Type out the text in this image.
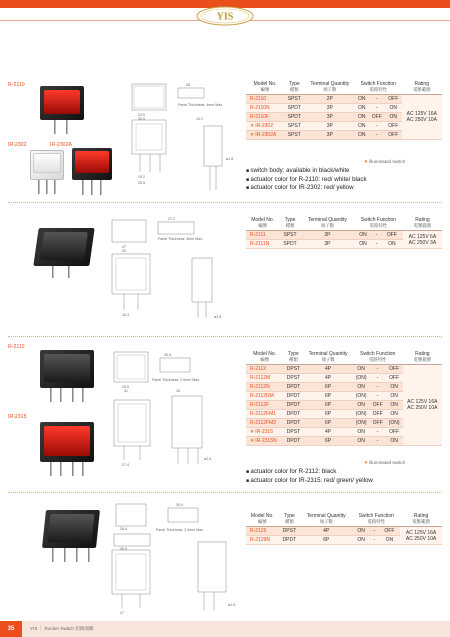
YIS
R-2110
IR-2302	IR-2302A
22.5
30.5
10.2
25.5
28
10.2
ø1.8
Panel Thickness: 4mm Max.
Model No.
編號	Type
種類	Terminal Quantity
端子數	Switch Function
電路特性			Rating
電壓範圍

R-2110	SPST	2P	ON	-	OFF	AC 125V 16A
AC 250V 10A
R-2110N	SPDT	3P	ON	-	ON	
R-2110F	SPDT	3P	ON	OFF	ON	
✹IR-2302	SPST	3P	ON	-	OFF	
✹IR-2302A	SPST	3P	ON	-	OFF	
✹ illuminated switch
■ switch body: available in black/white
■ actuator color for R-2110: red/ white/ black
■ actuator color for IR-2302: red/ yellow
27
30
27.2
16.3	ø2.5
Panel Thickness: 3mm Max.
Model No.
編號	Type
種類	Terminal Quantity
端子數	Switch Function
電路特性			Rating
電壓範圍

R-2111	SPST	2P	ON	-	OFF	AC 125V 6A
AC 250V 3A
R-2111N	SPDT	3P	ON	-	ON	
R-2112
IR-2315
26.5
31
30.5
15
27.4
ø2.5
Panel Thickness: 2.5mm Max.
Model No.
編號	Type
種類	Terminal Quantity
端子數	Switch Function
電路特性			Rating
電壓範圍

R-2112	DPST	4P	ON	-	OFF	AC 125V 16A
AC 250V 10A
R-2112M	DPST	4P	(ON)	-	OFF	
R-2112N	DPDT	6P	ON	-	ON	
R-2112NM	DPDT	6P	(ON)	-	ON	
R-2112F	DPDT	6P	ON	OFF	ON	
R-2112FM1	DPDT	6P	(ON)	OFF	ON	
R-2112FM2	DPDT	6P	(ON)	OFF	(ON)	
✹IR-2315	DPST	4P	ON	-	OFF	
✹IR-2315N	DPDT	6P	ON	-	ON	
✹ illuminated switch
■ actuator color for R-2112: black
■ actuator color for IR-2315: red/ green/ yellow
26.4
30.5
30.4
27
ø1.8
Panel Thickness: 2.5mm Max.
Model No.
編號	Type
種類	Terminal Quantity
端子數	Switch Function
電路特性			Rating
電壓範圍

R-2129	DPST	4P	ON	-	OFF	AC 125V 16A
AC 250V 10A
R-2129N	DPDT	6P	ON	-	ON	
35	YIS ｜ Rocker Switch 切換開關
